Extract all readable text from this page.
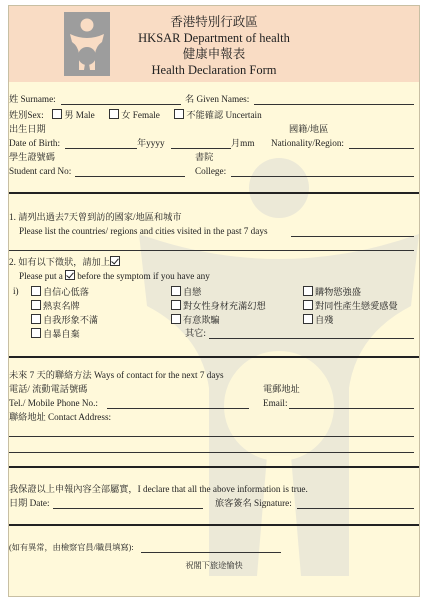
香港特別行政區
HKSAR Department of health
健康申報表
Health Declaration Form
姓 Surname:	名 Given Names:
姓別Sex: 男 Male	女 Female	不能確認 Uncertain
出生日期	國籍/地區
Date of Birth:	年yyyy	月mm Nationality/Region:
學生證號碼	書院
Student card No:	College:
1. 請列出過去7天曾到訪的國家/地區和城市
Please list the countries/ regions and cities visited in the past 7 days
2. 如有以下徵狀，請加上
Please put a before the symptom if you have any
i)	自信心低落	自戀	購物慾強盛
熱衷名牌	對女性身材充滿幻想	對同性產生戀愛感覺
自我形象不滿	有意欺騙	自殘
自暴自棄	其它:
未來 7 天的聯絡方法 Ways of contact for the next 7 days
電話/ 流動電話號碼	電郵地址
Tel./ Mobile Phone No.:	Email:
聯絡地址 Contact Address:
我保證以上申報內容全部屬實，I declare that all the above information is true.
日期 Date:	旅客簽名 Signature:
(如有異常，由檢察官員/職員填寫):
祝閣下旅途愉快
